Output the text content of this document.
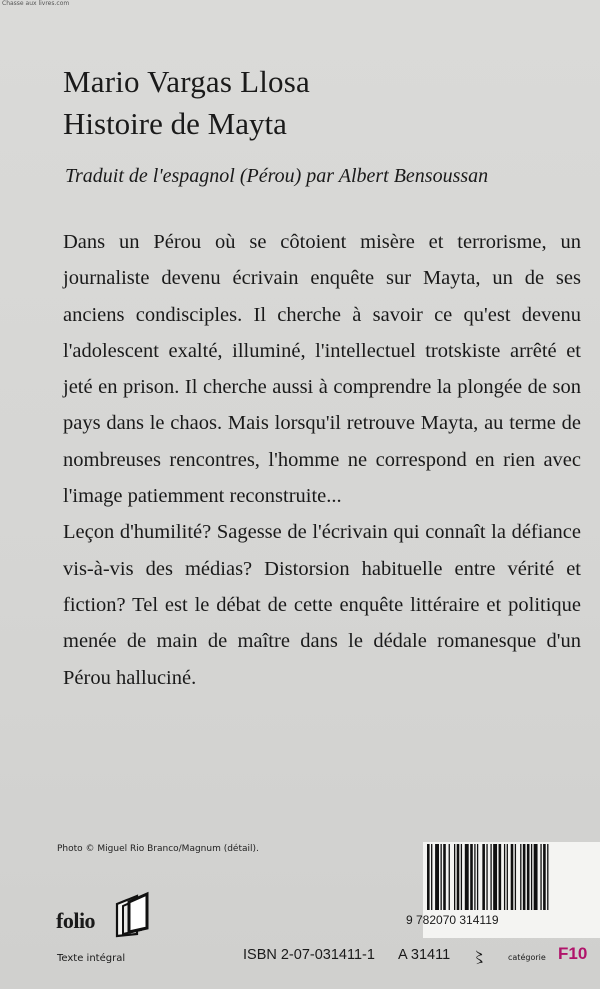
Chasse aux livres.com
Mario Vargas Llosa
Histoire de Mayta
Traduit de l'espagnol (Pérou) par Albert Bensoussan

Dans un Pérou où se côtoient misère et terrorisme, un journaliste devenu écrivain enquête sur Mayta, un de ses anciens condisciples. Il cherche à savoir ce qu'est devenu l'adolescent exalté, illuminé, l'intellectuel trotskiste arrêté et jeté en prison. Il cherche aussi à comprendre la plongée de son pays dans le chaos. Mais lorsqu'il retrouve Mayta, au terme de nombreuses rencontres, l'homme ne correspond en rien avec l'image patiemment reconstruite...

Leçon d'humilité? Sagesse de l'écrivain qui connaît la défiance vis-à-vis des médias? Distorsion habituelle entre vérité et fiction? Tel est le débat de cette enquête littéraire et politique menée de main de maître dans le dédale romanesque d'un Pérou halluciné.

Photo © Miguel Rio Branco/Magnum (détail).
folio
Texte intégral	ISBN 2-07-031411-1 A 31411 〻	catégorie F10
9 782070 314119
